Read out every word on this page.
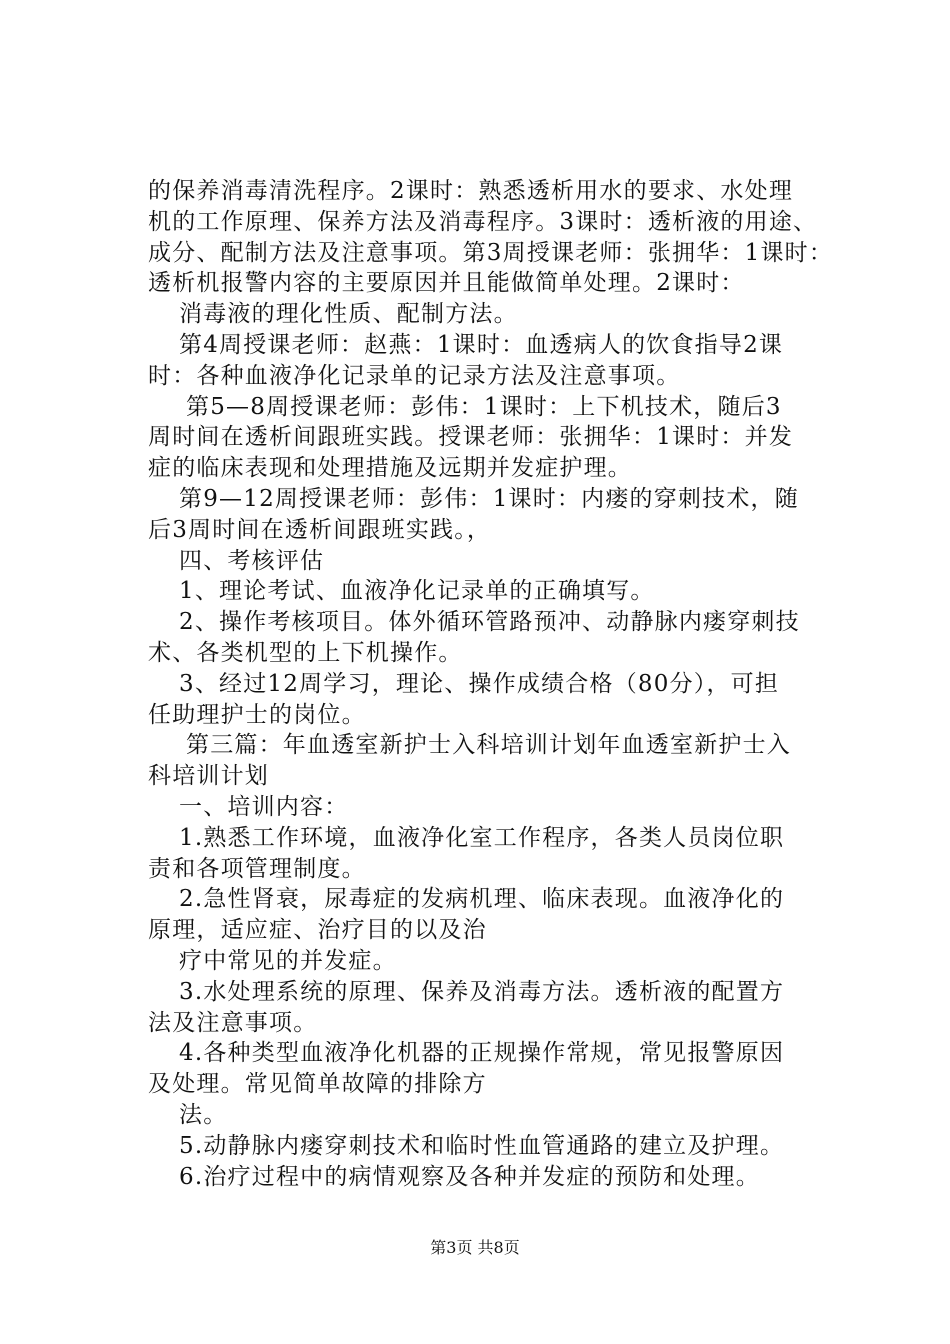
的保养消毒清洗程序。2课时：熟悉透析用水的要求、水处理
机的工作原理、保养方法及消毒程序。3课时：透析液的用途、
成分、配制方法及注意事项。第3周授课老师：张拥华：1课时：
透析机报警内容的主要原因并且能做简单处理。2课时：
消毒液的理化性质、配制方法。
第4周授课老师：赵燕：1课时：血透病人的饮食指导2课
时：各种血液净化记录单的记录方法及注意事项。
第5—8周授课老师：彭伟：1课时：上下机技术，随后3
周时间在透析间跟班实践。授课老师：张拥华：1课时：并发
症的临床表现和处理措施及远期并发症护理。
第9—12周授课老师：彭伟：1课时：内瘘的穿刺技术，随
后3周时间在透析间跟班实践。，
四、考核评估
1、理论考试、血液净化记录单的正确填写。
2、操作考核项目。体外循环管路预冲、动静脉内瘘穿刺技
术、各类机型的上下机操作。
3、经过12周学习，理论、操作成绩合格（80分），可担
任助理护士的岗位。
第三篇：年血透室新护士入科培训计划年血透室新护士入
科培训计划
一、培训内容：
1.熟悉工作环境，血液净化室工作程序，各类人员岗位职
责和各项管理制度。
2.急性肾衰，尿毒症的发病机理、临床表现。血液净化的
原理，适应症、治疗目的以及治
疗中常见的并发症。
3.水处理系统的原理、保养及消毒方法。透析液的配置方
法及注意事项。
4.各种类型血液净化机器的正规操作常规，常见报警原因
及处理。常见简单故障的排除方
法。
5.动静脉内瘘穿刺技术和临时性血管通路的建立及护理。
6.治疗过程中的病情观察及各种并发症的预防和处理。
第3页 共8页
